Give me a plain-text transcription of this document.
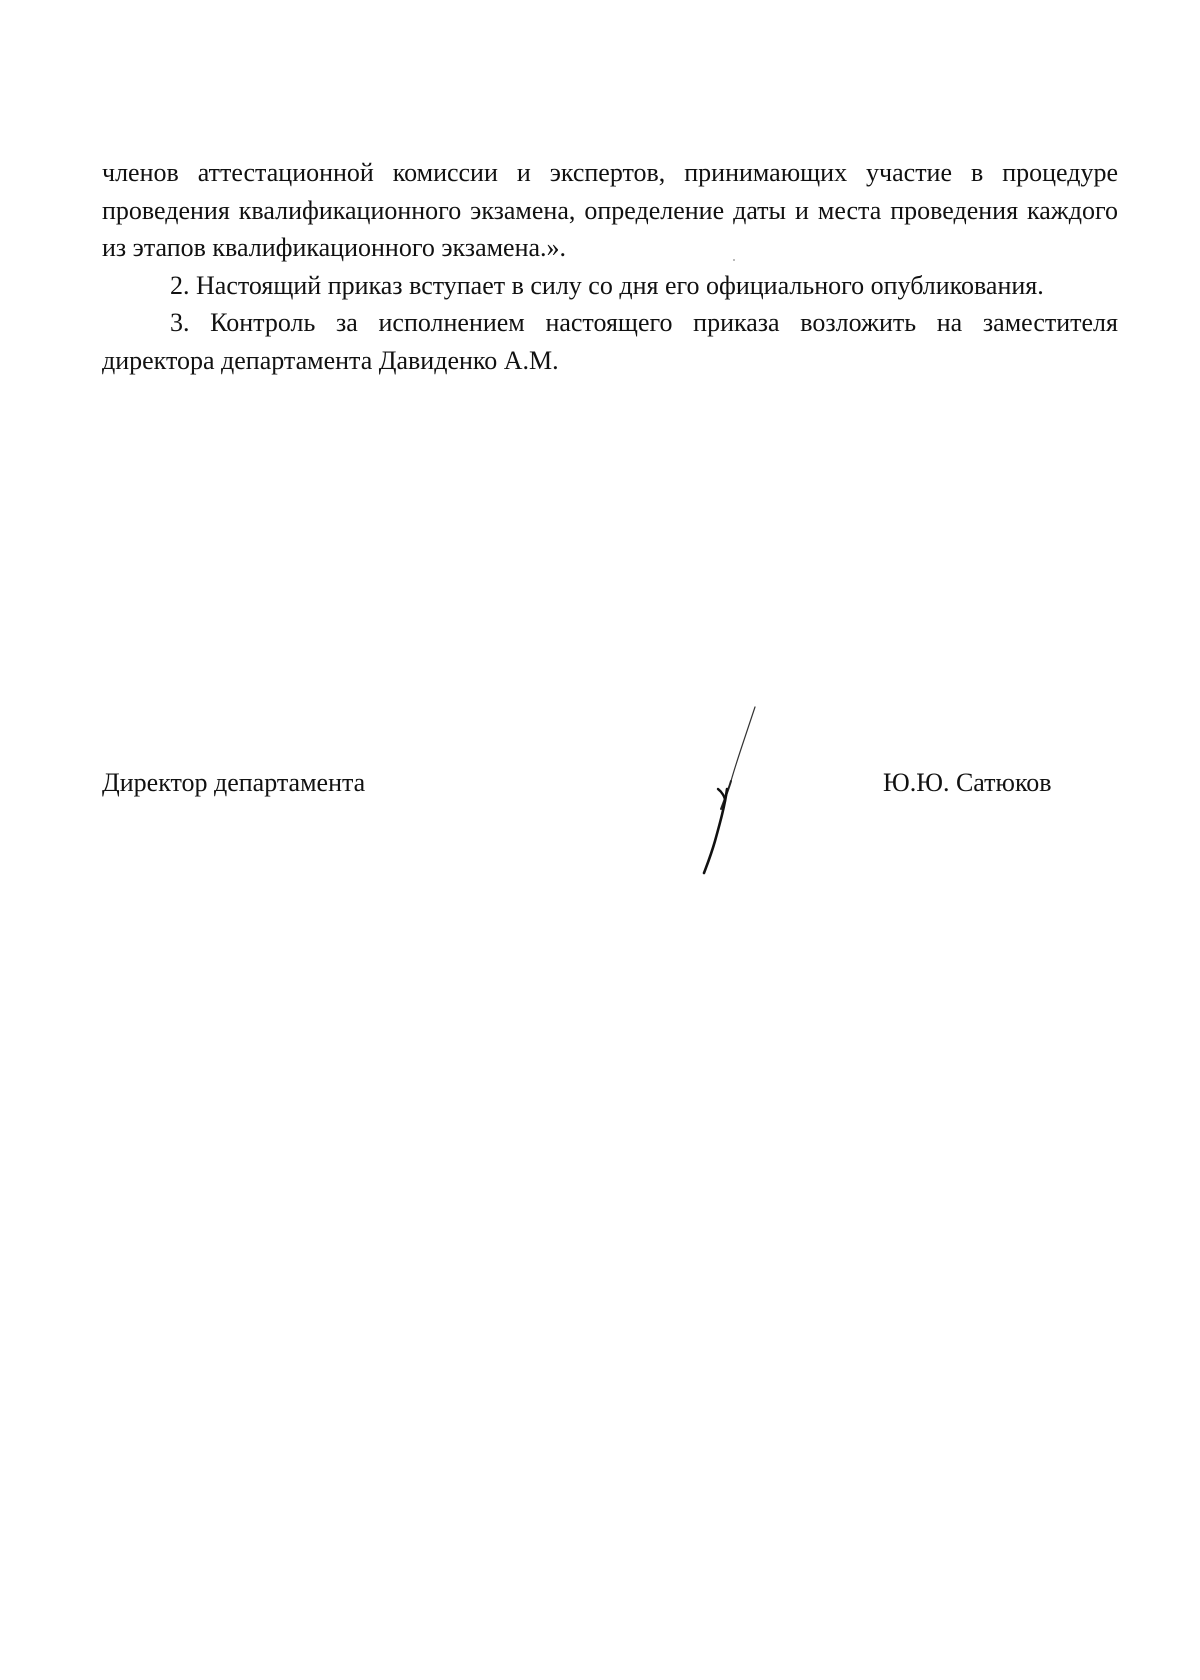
членов аттестационной комиссии и экспертов, принимающих участие в процедуре проведения квалификационного экзамена, определение даты и места проведения каждого из этапов квалификационного экзамена.».

2. Настоящий приказ вступает в силу со дня его официального опубликования.

3. Контроль за исполнением настоящего приказа возложить на заместителя директора департамента Давиденко А.М.

Директор департамента	Ю.Ю. Сатюков
